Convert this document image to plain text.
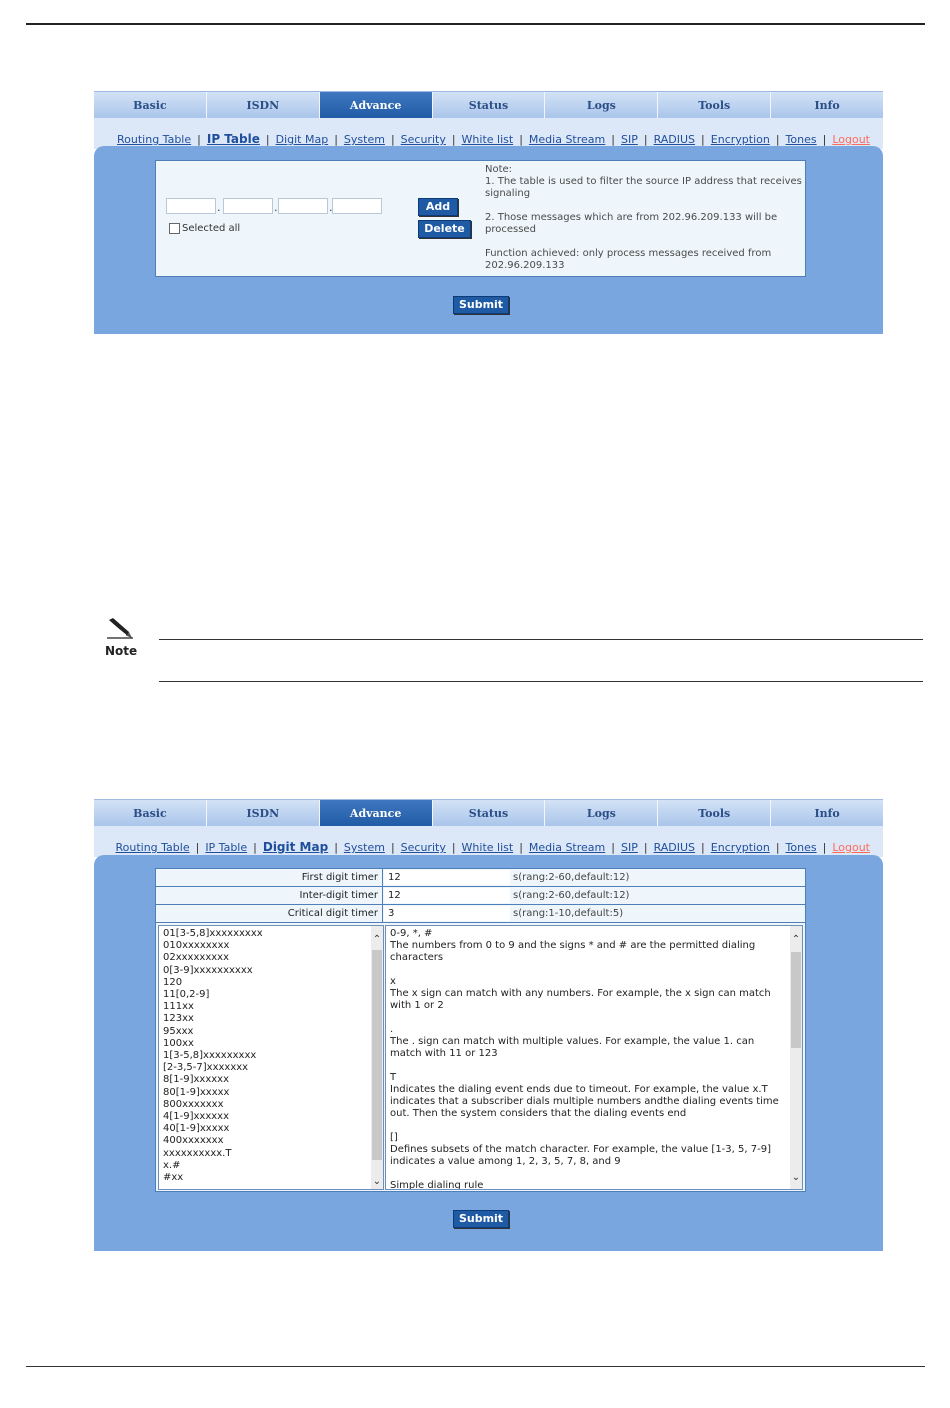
Basic	ISDN	Advance	Status	Logs	Tools	Info
Routing Table | IP Table | Digit Map | System | Security | White list | Media Stream | SIP | RADIUS | Encryption | Tones | Logout
.	.	.
Selected all
Add
Delete
Note:
1. The table is used to filter the source IP address that receives signaling
2. Those messages which are from 202.96.209.133 will be processed
Function achieved: only process messages received from 202.96.209.133
Submit
Note
Basic	ISDN	Advance	Status	Logs	Tools	Info
Routing Table | IP Table | Digit Map | System | Security | White list | Media Stream | SIP | RADIUS | Encryption | Tones | Logout
First digit timer	12	s(rang:2-60,default:12)
Inter-digit timer	12	s(rang:2-60,default:12)
Critical digit timer	3	s(rang:1-10,default:5)
01[3-5,8]xxxxxxxxx
010xxxxxxxx
02xxxxxxxxx
0[3-9]xxxxxxxxxx
120
11[0,2-9]
111xx
123xx
95xxx
100xx
1[3-5,8]xxxxxxxxx
[2-3,5-7]xxxxxxx
8[1-9]xxxxxx
80[1-9]xxxxx
800xxxxxxx
4[1-9]xxxxxx
40[1-9]xxxxx
400xxxxxxx
xxxxxxxxxx.T
x.#
#xx
⌃
⌄
0-9, *, #
The numbers from 0 to 9 and the signs * and # are the permitted dialing characters
x
The x sign can match with any numbers. For example, the x sign can match with 1 or 2
.
The . sign can match with multiple values. For example, the value 1. can match with 11 or 123
T
Indicates the dialing event ends due to timeout. For example, the value x.T indicates that a subscriber dials multiple numbers andthe dialing events time out. Then the system considers that the dialing events end
[]
Defines subsets of the match character. For example, the value [1-3, 5, 7-9] indicates a value among 1, 2, 3, 5, 7, 8, and 9
Simple dialing rule
⌃
⌄
Submit
